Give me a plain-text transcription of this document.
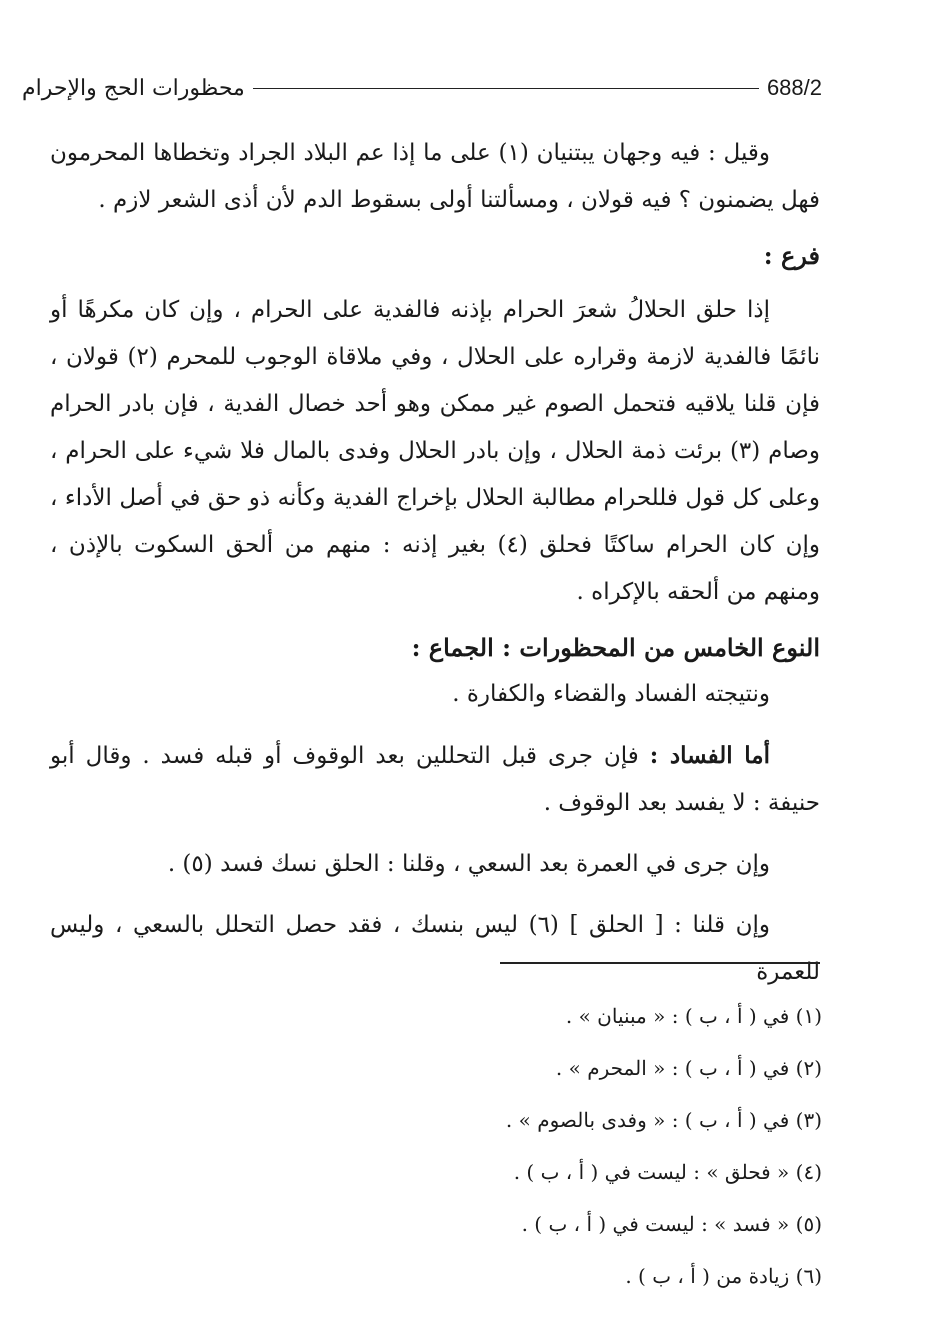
688/2
محظورات الحج والإحرام

وقيل : فيه وجهان يبتنيان (١) على ما إذا عم البلاد الجراد وتخطاها المحرمون فهل يضمنون ؟ فيه قولان ، ومسألتنا أولى بسقوط الدم لأن أذى الشعر لازم .

فرع :

إذا حلق الحلالُ شعرَ الحرام بإذنه فالفدية على الحرام ، وإن كان مكرهًا أو نائمًا فالفدية لازمة وقراره على الحلال ، وفي ملاقاة الوجوب للمحرم (٢) قولان ، فإن قلنا يلاقيه فتحمل الصوم غير ممكن وهو أحد خصال الفدية ، فإن بادر الحرام وصام (٣) برئت ذمة الحلال ، وإن بادر الحلال وفدى بالمال فلا شيء على الحرام ، وعلى كل قول فللحرام مطالبة الحلال بإخراج الفدية وكأنه ذو حق في أصل الأداء ، وإن كان الحرام ساكتًا فحلق (٤) بغير إذنه : منهم من ألحق السكوت بالإذن ، ومنهم من ألحقه بالإكراه .

النوع الخامس من المحظورات : الجماع :

ونتيجته الفساد والقضاء والكفارة .

أما الفساد : فإن جرى قبل التحللين بعد الوقوف أو قبله فسد . وقال أبو حنيفة : لا يفسد بعد الوقوف .

وإن جرى في العمرة بعد السعي ، وقلنا : الحلق نسك فسد (٥) .

وإن قلنا : [ الحلق ] (٦) ليس بنسك ، فقد حصل التحلل بالسعي ، وليس للعمرة

(١) في ( أ ، ب ) : « مبنيان » .
(٢) في ( أ ، ب ) : « المحرم » .
(٣) في ( أ ، ب ) : « وفدى بالصوم » .
(٤) « فحلق » : ليست في ( أ ، ب ) .
(٥) « فسد » : ليست في ( أ ، ب ) .
(٦) زيادة من ( أ ، ب ) .
